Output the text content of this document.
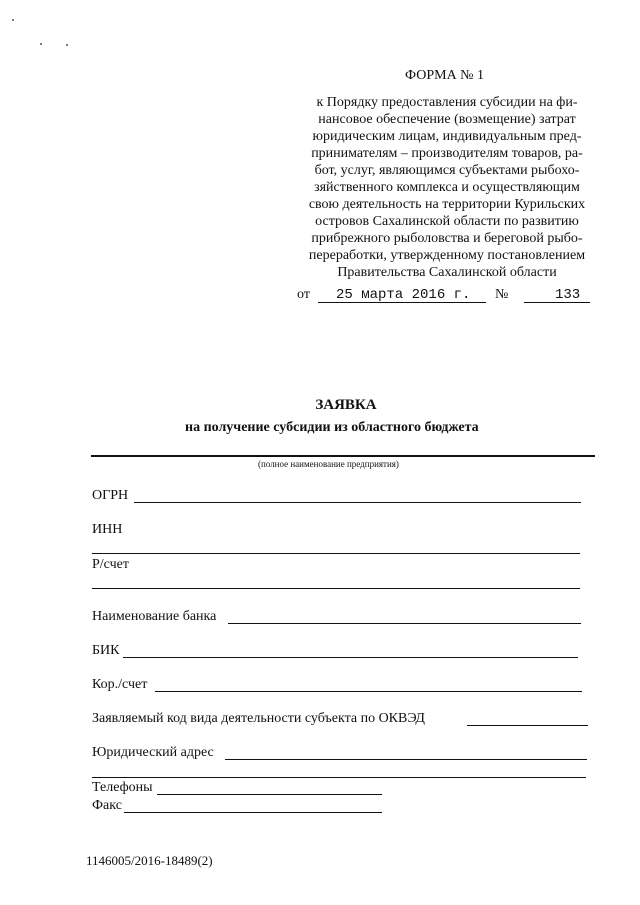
ФОРМА № 1
к Порядку предоставления субсидии на фи-
нансовое обеспечение (возмещение) затрат
юридическим лицам, индивидуальным пред-
принимателям – производителям товаров, ра-
бот, услуг, являющимся субъектами рыбохо-
зяйственного комплекса и осуществляющим
свою деятельность на территории Курильских
островов Сахалинской области по развитию
прибрежного рыболовства и береговой рыбо-
переработки, утвержденному постановлением
Правительства Сахалинской области
от 25 марта 2016 г. №	133
ЗАЯВКА
на получение субсидии из областного бюджета
(полное наименование предприятия)
ОГРН
ИНН
Р/счет
Наименование банка
БИК
Кор./счет
Заявляемый код вида деятельности субъекта по ОКВЭД
Юридический адрес
Телефоны
Факс
1146005/2016-18489(2)
